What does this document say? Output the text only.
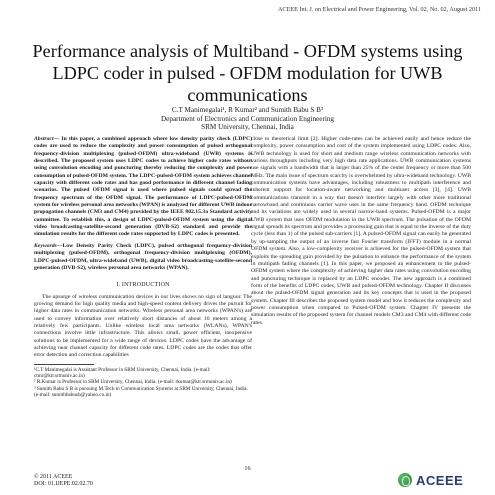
ACEEE Int. J. on Electrical and Power Engineering, Vol. 02, No. 02, August 2011
Performance analysis of Multiband - OFDM systems using LDPC coder in pulsed - OFDM modulation for UWB communications
C.T Manimegalai¹, R Kumar² and Sumith Babu S B³
Department of Electronics and Communication Engineering
SRM University, Chennai, India
Abstract— In this paper, a combined approach where low density parity check (LDPC) codes are used to reduce the complexity and power consumption of pulsed orthogonal frequency-division multiplexing (pulsed-OFDM) ultra-wideband (UWB) systems is described. The proposed system uses LDPC codes to achieve higher code rates without using convolution encoding and puncturing thereby reducing the complexity and power consumption of pulsed-OFDM system. The LDPC-pulsed-OFDM system achieves channel capacity with different code rates and has good performance in different channel fading scenarios. The pulsed OFDM signal is used where pulsed signals could spread the frequency spectrum of the OFDM signal. The performance of LDPC-pulsed-OFDM system for wireless personal area networks (WPAN) is analyzed for different UWB indoor propagation channels (CM3 and CM4) provided by the IEEE 802.15.3a Standard activity committee. To establish this, a design of LDPC-pulsed-OFDM system using the digital video broadcasting-satellite-second generation (DVB-S2) standard and provide the simulation results for the different code rates supported by LDPC codes is presented.
Keywords—Low Density Parity Check (LDPC), pulsed orthogonal frequency-division multiplexing (pulsed-OFDM), orthogonal frequency-division multiplexing (OFDM), LDPC-pulsed-OFDM, ultra-wideband (UWB), digital video broadcasting-satellite-second generation (DVB-S2), wireless personal area networks (WPAN).
I. INTRODUCTION
The upsurge of wireless communication devices in our lives shows no sign of languor. The growing demand for high quality media and high-speed content delivery drives the pursuit for higher data rates in communication networks. Wireless personal area networks (WPAN's) are used to convey information over relatively short distances of about 10 meters among a relatively few participants. Unlike wireless local area networks (WLANs), WPAN's connections involve little infrastructure. This allows small, power efficient, inexpensive solutions to be implemented for a wide range of devices. LDPC codes have the advantage of achieving near channel capacity for different code rates. LDPC codes are the codes that offer error detection and correction capabilities
¹C.T Manimegalai is Assistant Professor in SRM University, Chennai, India. (e-mail: ctmr@ktr.srmuniv.ac.in)
² R.Kumar is Professor in SRM University, Chennai, India. (e-mail: rkumar@ktr.srmuniv.ac.in)
³ Sumith Babu S B is pursuing M.Tech in Communication Systems at SRM University, Chennai, India. (e-mail: sumithbabusb@yahoo.co.in)
close to theoretical limit [2]. Higher code-rates can be achieved easily and hence reduce the complexity, power consumption and cost of the system implemented using LDPC codes. Also, UWB technology is used for short and medium range wireless communication networks with various throughputs including very high data rate applications. UWB communication systems use signals with a bandwidth that is larger than 25% of the center frequency or more than 500 MHz. The main issue of spectrum scarcity is overwhelmed by ultra-wideband technology. UWB communication systems have advantages, including robustness to multipath interference and inherent support for location-aware networking and multiuser access [3], [4]. UWB communications transmit in a way that doesn't interfere largely with other more traditional narrowband and continuous carrier wave uses in the same frequency band. OFDM technique and its variations are widely used in several narrow-band systems. Pulsed-OFDM is a major UWB system that uses OFDM modulation in the UWB spectrum. The pulsation of the OFDM signal spreads its spectrum and provides a processing gain that is equal to the inverse of the duty cycle (less than 1) of the pulsed sub-carriers [1]. A pulsed-OFDM signal can easily be generated by up-sampling the output of an inverse fast Fourier transform (IFFT) module in a normal OFDM system. Also, a low-complexity receiver is achieved for the pulsed-OFDM system that exploits the spreading gain provided by the pulsation to enhance the performance of the system in multipath fading channels [1]. In this paper, we proposed an enhancement to the pulsed-OFDM system where the complexity of achieving higher data rates using convolution encoding and puncturing technique is replaced by an LDPC encoder. The new approach is a combined form of the benefits of LDPC codes, UWB and pulsed-OFDM technology. Chapter II discusses about the pulsed-OFDM signal generation and its key concepts that is used in the proposed system. Chapter III describes the proposed system model and how it reduces the complexity and power consumption when compared to Pulsed-OFDM system. Chapter IV presents the simulation results of the proposed system for channel models CM3 and CM4 with different code rates.
16
© 2011 ACEEE
DOI: 01.IJEPE.02.02.70	ACEEE
